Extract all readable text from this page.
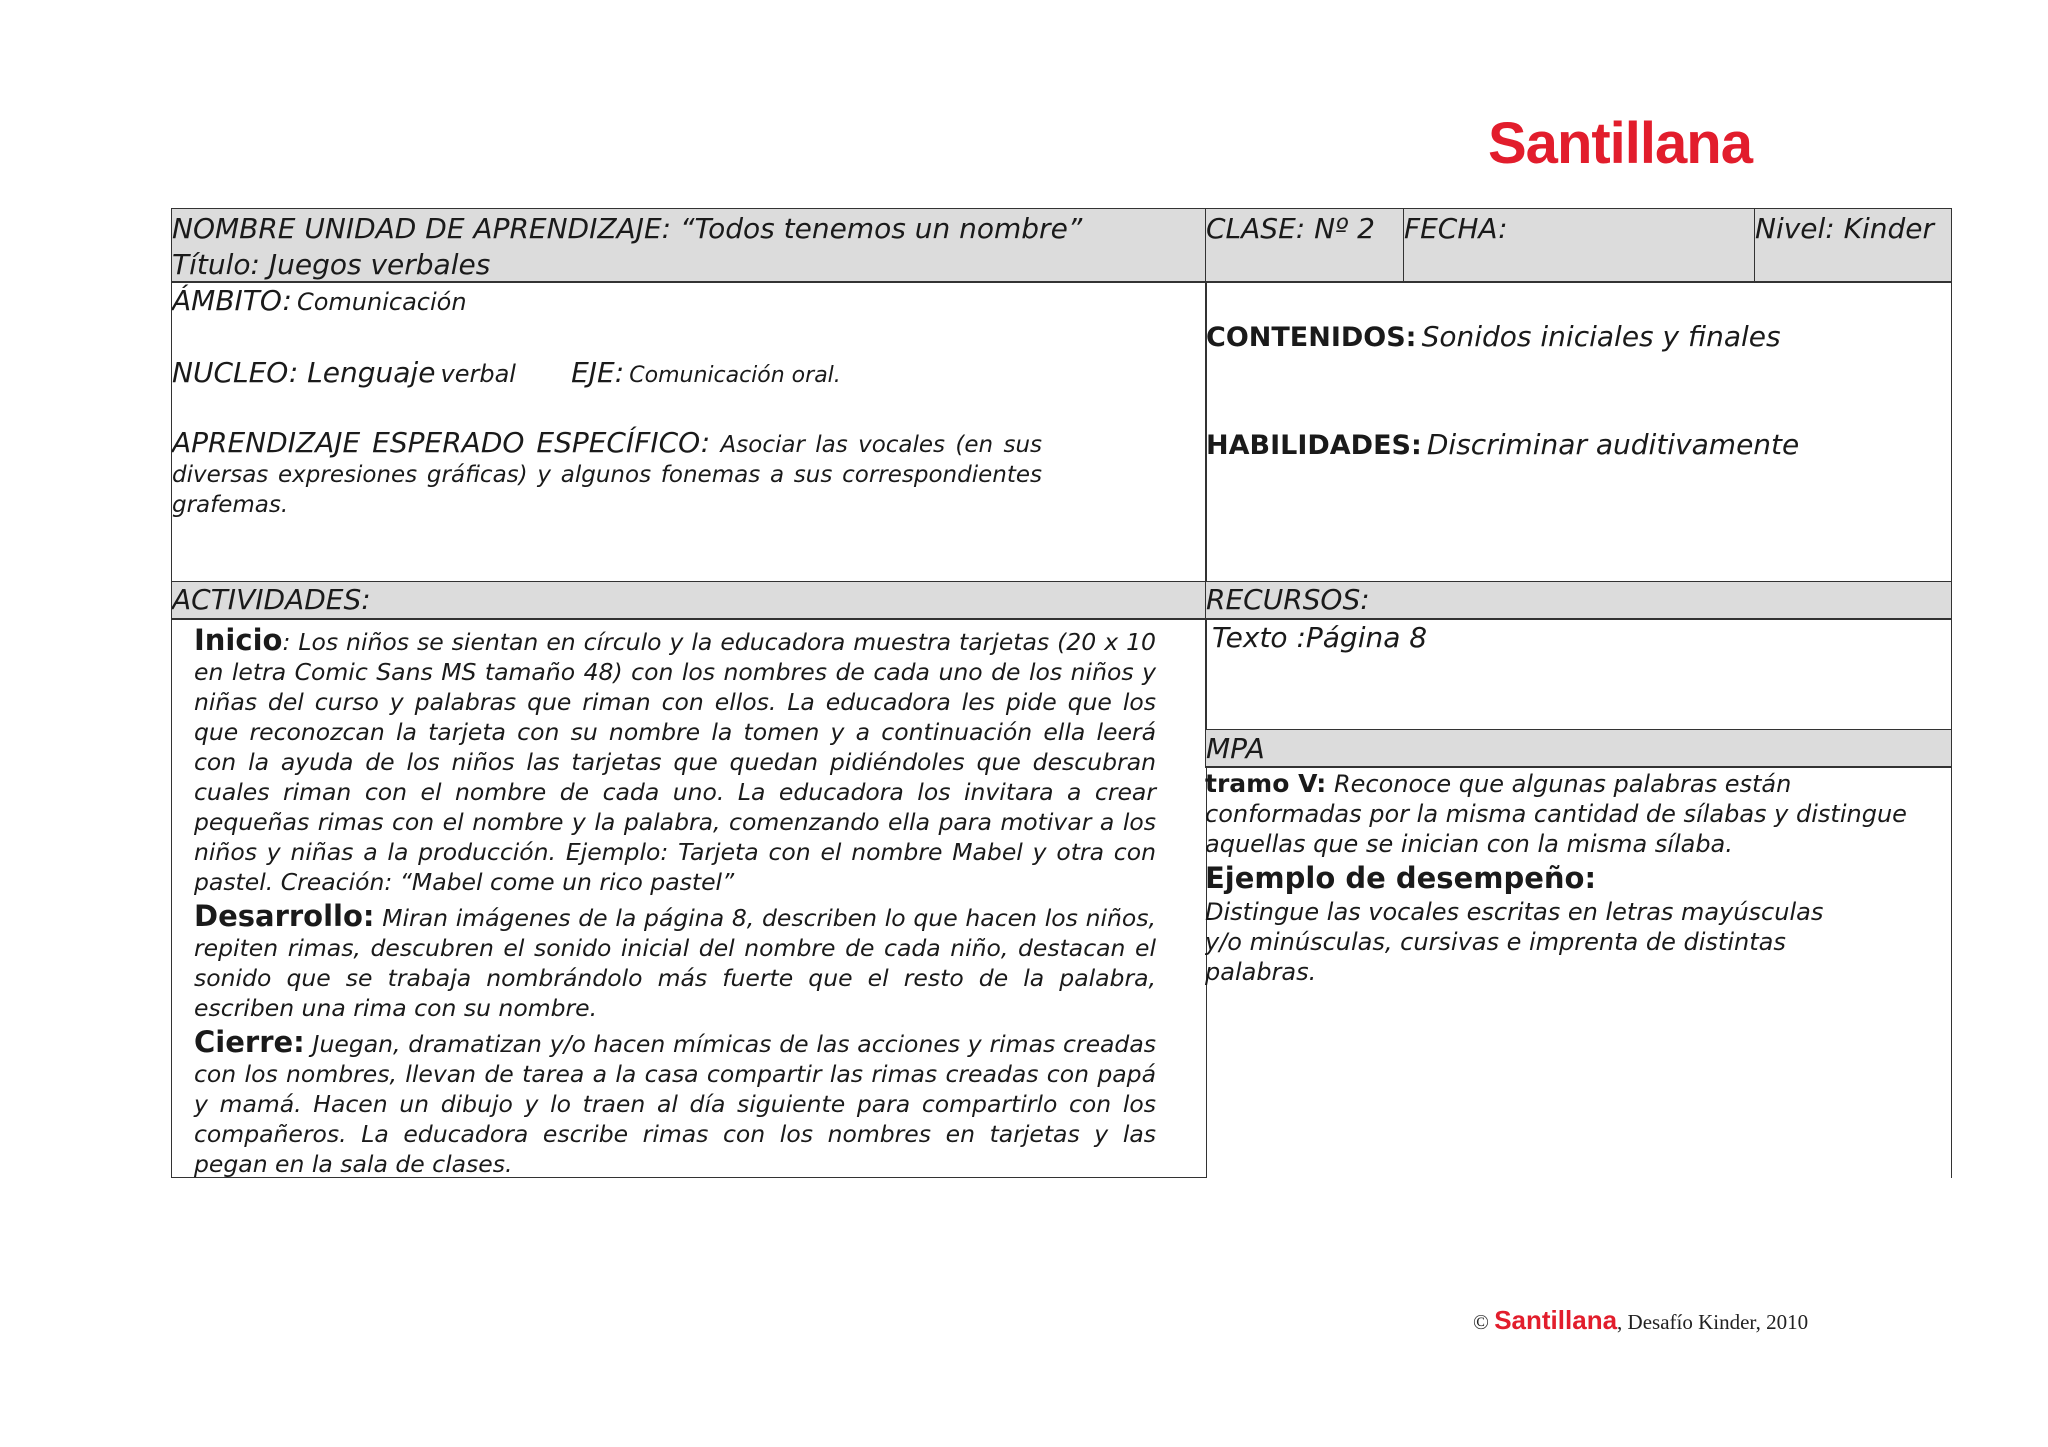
Santillana
NOMBRE UNIDAD DE APRENDIZAJE: “Todos tenemos un nombre”
Título: Juegos verbales
CLASE: Nº 2	FECHA:	Nivel: Kinder
ÁMBITO: Comunicación
NUCLEO: Lenguaje verbal EJE: Comunicación oral.
APRENDIZAJE ESPERADO ESPECÍFICO: Asociar las vocales (en sus diversas expresiones gráficas) y algunos fonemas a sus correspondientes grafemas.
CONTENIDOS: Sonidos iniciales y finales
HABILIDADES: Discriminar auditivamente
ACTIVIDADES:	RECURSOS:

Inicio: Los niños se sientan en círculo y la educadora muestra tarjetas (20 x 10 en letra Comic Sans MS tamaño 48) con los nombres de cada uno de los niños y niñas del curso y palabras que riman con ellos. La educadora les pide que los que reconozcan la tarjeta con su nombre la tomen y a continuación ella leerá con la ayuda de los niños las tarjetas que quedan pidiéndoles que descubran cuales riman con el nombre de cada uno. La educadora los invitara a crear pequeñas rimas con el nombre y la palabra, comenzando ella para motivar a los niños y niñas a la producción. Ejemplo: Tarjeta con el nombre Mabel y otra con pastel. Creación: “Mabel come un rico pastel”

Desarrollo: Miran imágenes de la página 8, describen lo que hacen los niños, repiten rimas, descubren el sonido inicial del nombre de cada niño, destacan el sonido que se trabaja nombrándolo más fuerte que el resto de la palabra, escriben una rima con su nombre.

Cierre: Juegan, dramatizan y/o hacen mímicas de las acciones y rimas creadas con los nombres, llevan de tarea a la casa compartir las rimas creadas con papá y mamá. Hacen un dibujo y lo traen al día siguiente para compartirlo con los compañeros. La educadora escribe rimas con los nombres en tarjetas y las pegan en la sala de clases.

Texto :Página 8
MPA
tramo V: Reconoce que algunas palabras están conformadas por la misma cantidad de sílabas y distingue aquellas que se inician con la misma sílaba.
Ejemplo de desempeño:
Distingue las vocales escritas en letras mayúsculas y/o minúsculas, cursivas e imprenta de distintas palabras.
© Santillana, Desafío Kinder, 2010
